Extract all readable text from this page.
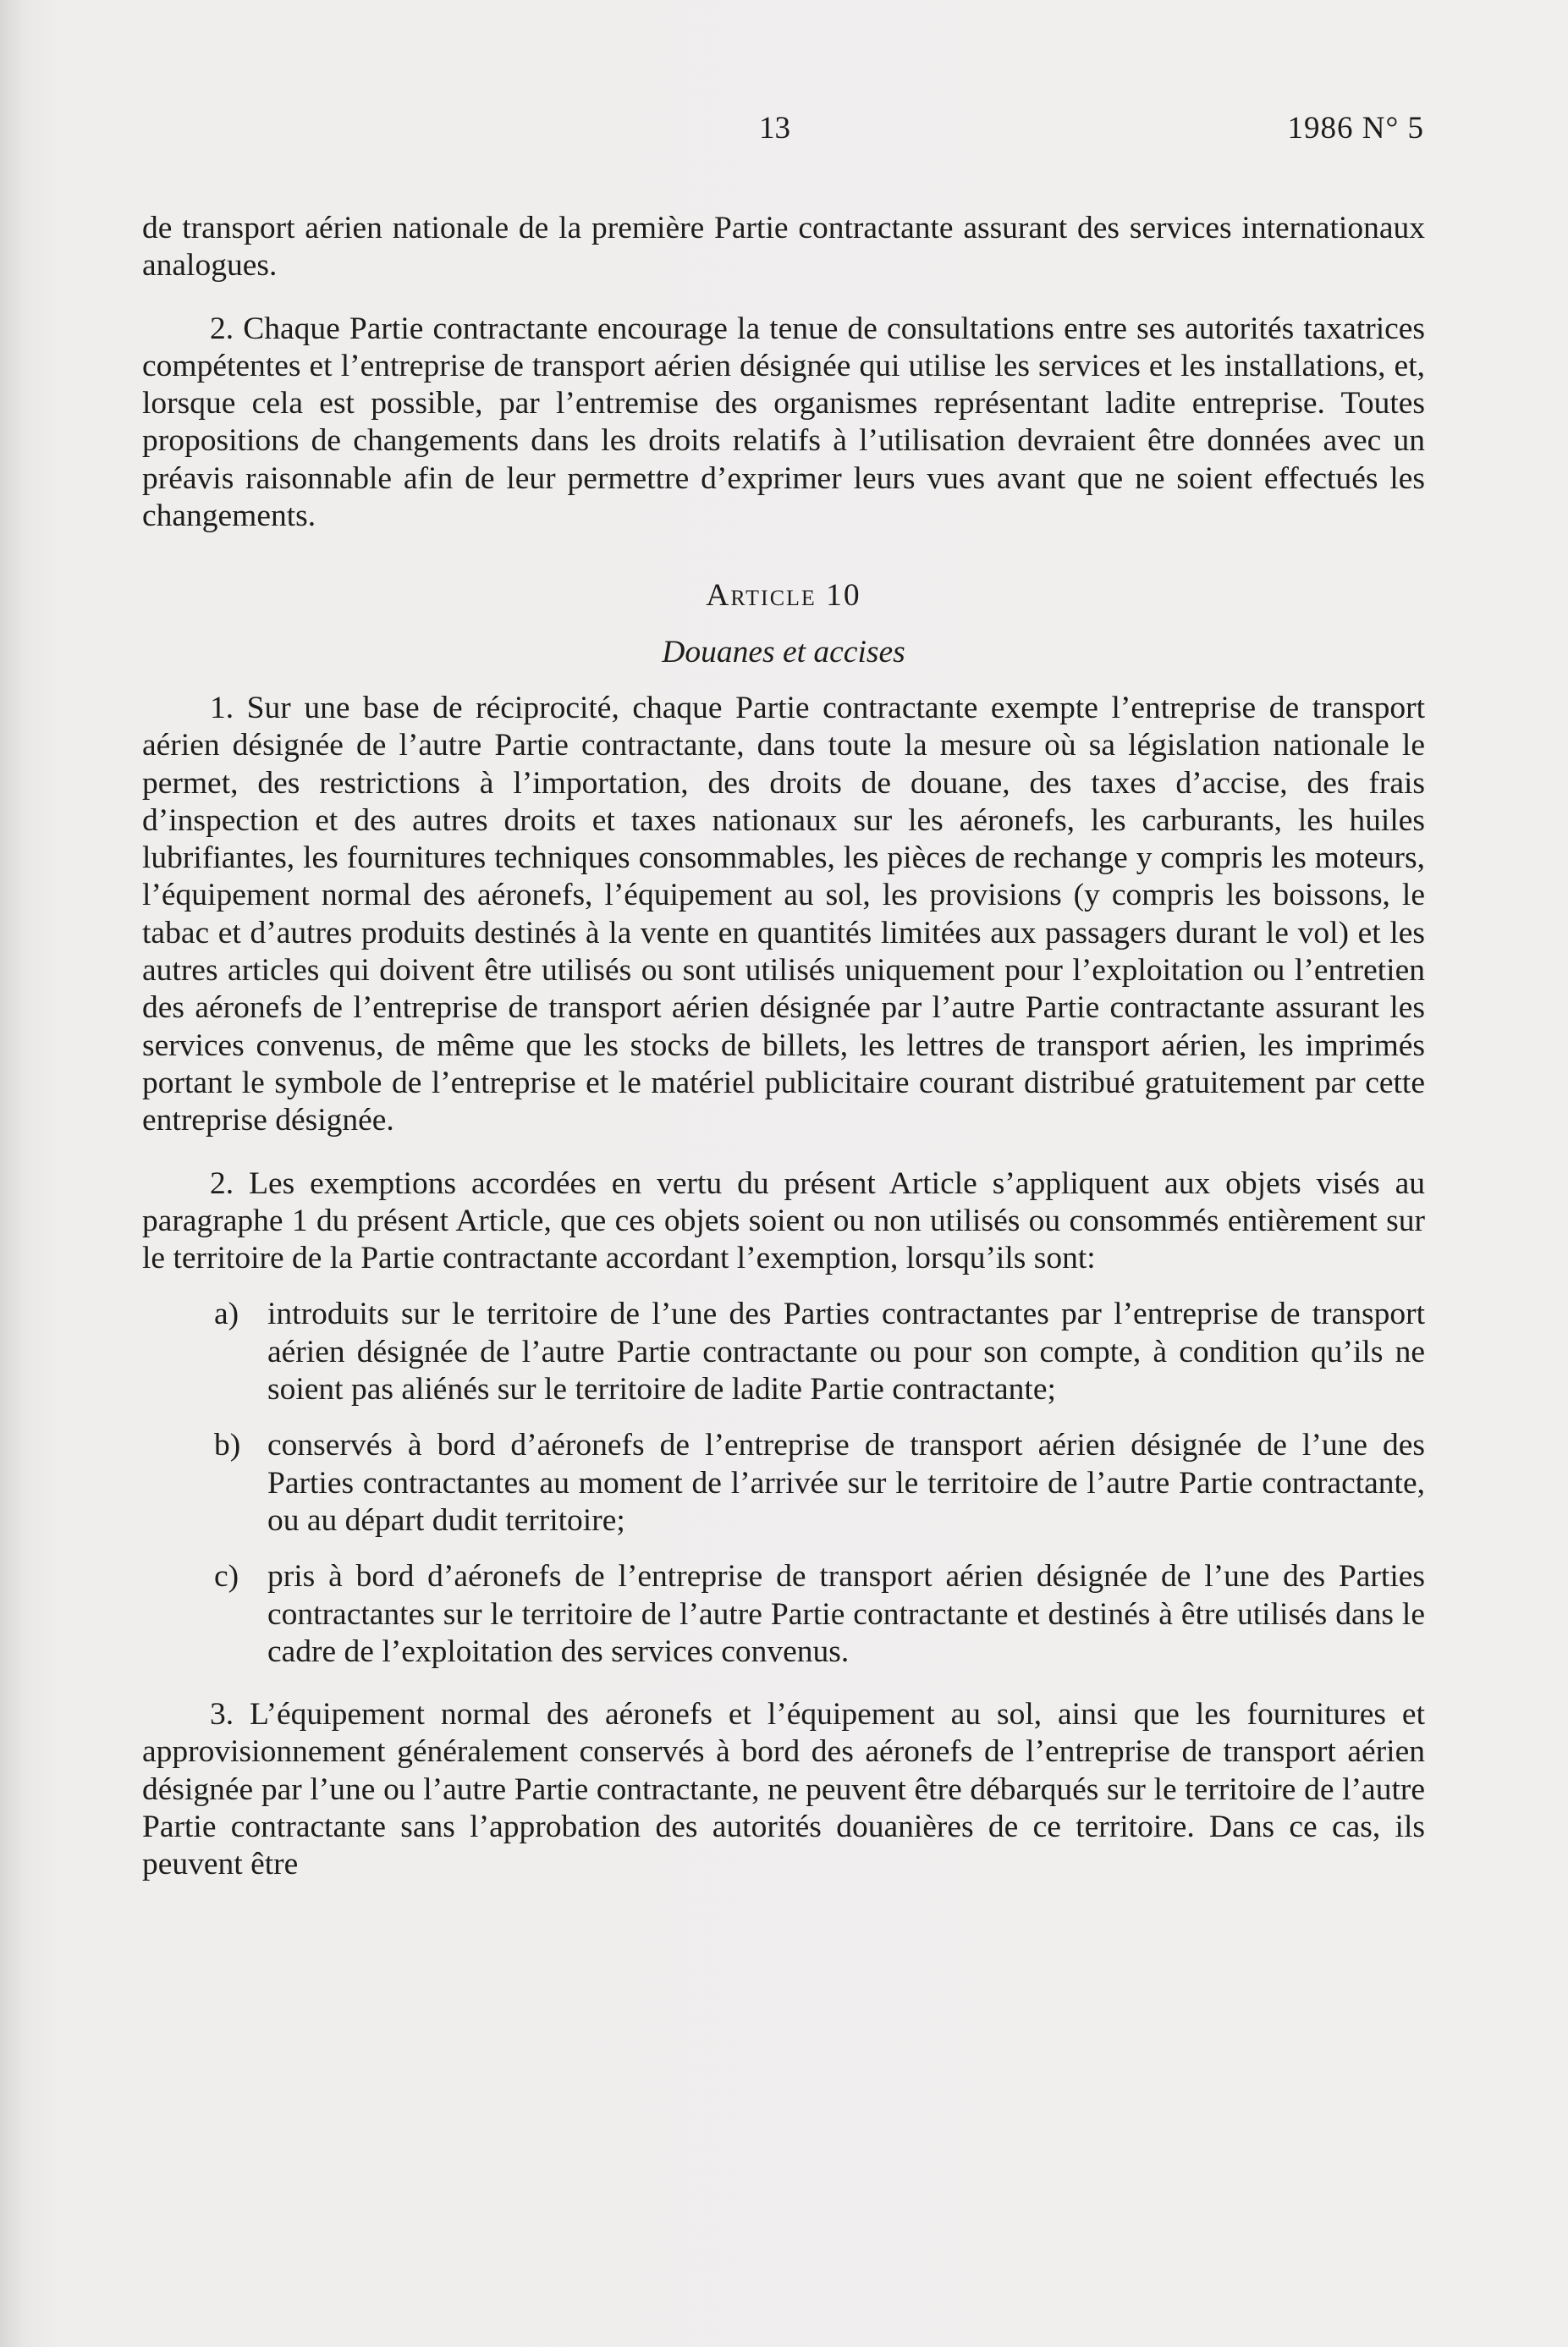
13	1986 N° 5

de transport aérien nationale de la première Partie contractante assurant des services internationaux analogues.

2. Chaque Partie contractante encourage la tenue de consultations entre ses autorités taxatrices compétentes et l’entreprise de transport aérien désignée qui utilise les services et les installations, et, lorsque cela est possible, par l’entremise des organismes représentant ladite entreprise. Toutes propositions de changements dans les droits relatifs à l’utilisation devraient être données avec un préavis raisonnable afin de leur permettre d’exprimer leurs vues avant que ne soient effectués les changements.

Article 10

Douanes et accises

1. Sur une base de réciprocité, chaque Partie contractante exempte l’entreprise de transport aérien désignée de l’autre Partie contractante, dans toute la mesure où sa législation nationale le permet, des restrictions à l’importation, des droits de douane, des taxes d’accise, des frais d’inspection et des autres droits et taxes nationaux sur les aéronefs, les carburants, les huiles lubrifiantes, les fournitures techniques consommables, les pièces de rechange y compris les moteurs, l’équipement normal des aéronefs, l’équipement au sol, les provisions (y compris les boissons, le tabac et d’autres produits destinés à la vente en quantités limitées aux passagers durant le vol) et les autres articles qui doivent être utilisés ou sont utilisés uniquement pour l’exploitation ou l’entretien des aéronefs de l’entreprise de transport aérien désignée par l’autre Partie contractante assurant les services convenus, de même que les stocks de billets, les lettres de transport aérien, les imprimés portant le symbole de l’entreprise et le matériel publicitaire courant distribué gratuitement par cette entreprise désignée.

2. Les exemptions accordées en vertu du présent Article s’appliquent aux objets visés au paragraphe 1 du présent Article, que ces objets soient ou non utilisés ou consommés entièrement sur le territoire de la Partie contractante accordant l’exemption, lorsqu’ils sont:

a) introduits sur le territoire de l’une des Parties contractantes par l’entreprise de transport aérien désignée de l’autre Partie contractante ou pour son compte, à condition qu’ils ne soient pas aliénés sur le territoire de ladite Partie contractante;
b) conservés à bord d’aéronefs de l’entreprise de transport aérien désignée de l’une des Parties contractantes au moment de l’arrivée sur le territoire de l’autre Partie contractante, ou au départ dudit territoire;
c) pris à bord d’aéronefs de l’entreprise de transport aérien désignée de l’une des Parties contractantes sur le territoire de l’autre Partie contractante et destinés à être utilisés dans le cadre de l’exploitation des services convenus.

3. L’équipement normal des aéronefs et l’équipement au sol, ainsi que les fournitures et approvisionnement généralement conservés à bord des aéronefs de l’entreprise de transport aérien désignée par l’une ou l’autre Partie contractante, ne peuvent être débarqués sur le territoire de l’autre Partie contractante sans l’approbation des autorités douanières de ce territoire. Dans ce cas, ils peuvent être
